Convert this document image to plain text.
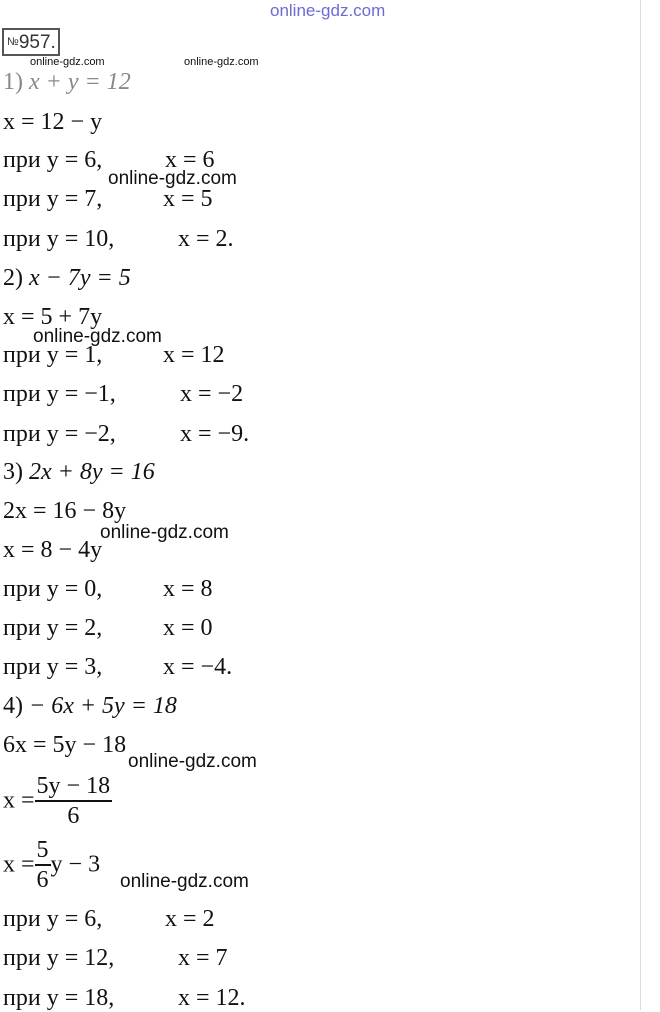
online-gdz.com
№957.
online-gdz.com	online-gdz.com
1) x + y = 12
x = 12 − y
при y = 6,	x = 6
при y = 7,	x = 5
при y = 10,	x = 2.
online-gdz.com
2) x − 7y = 5
x = 5 + 7y
при y = 1,	x = 12
при y = −1,	x = −2
при y = −2,	x = −9.
online-gdz.com
3) 2x + 8y = 16
2x = 16 − 8y
x = 8 − 4y
при y = 0,	x = 8
при y = 2,	x = 0
при y = 3,	x = −4.
online-gdz.com
4) − 6x + 5y = 18
6x = 5y − 18
$x = \frac{5y - 18}{6}$
$x = \frac{5}{6}$ y − 3
при y = 6,	x = 2
при y = 12,	x = 7
при y = 18,	x = 12.
online-gdz.com
online-gdz.com
